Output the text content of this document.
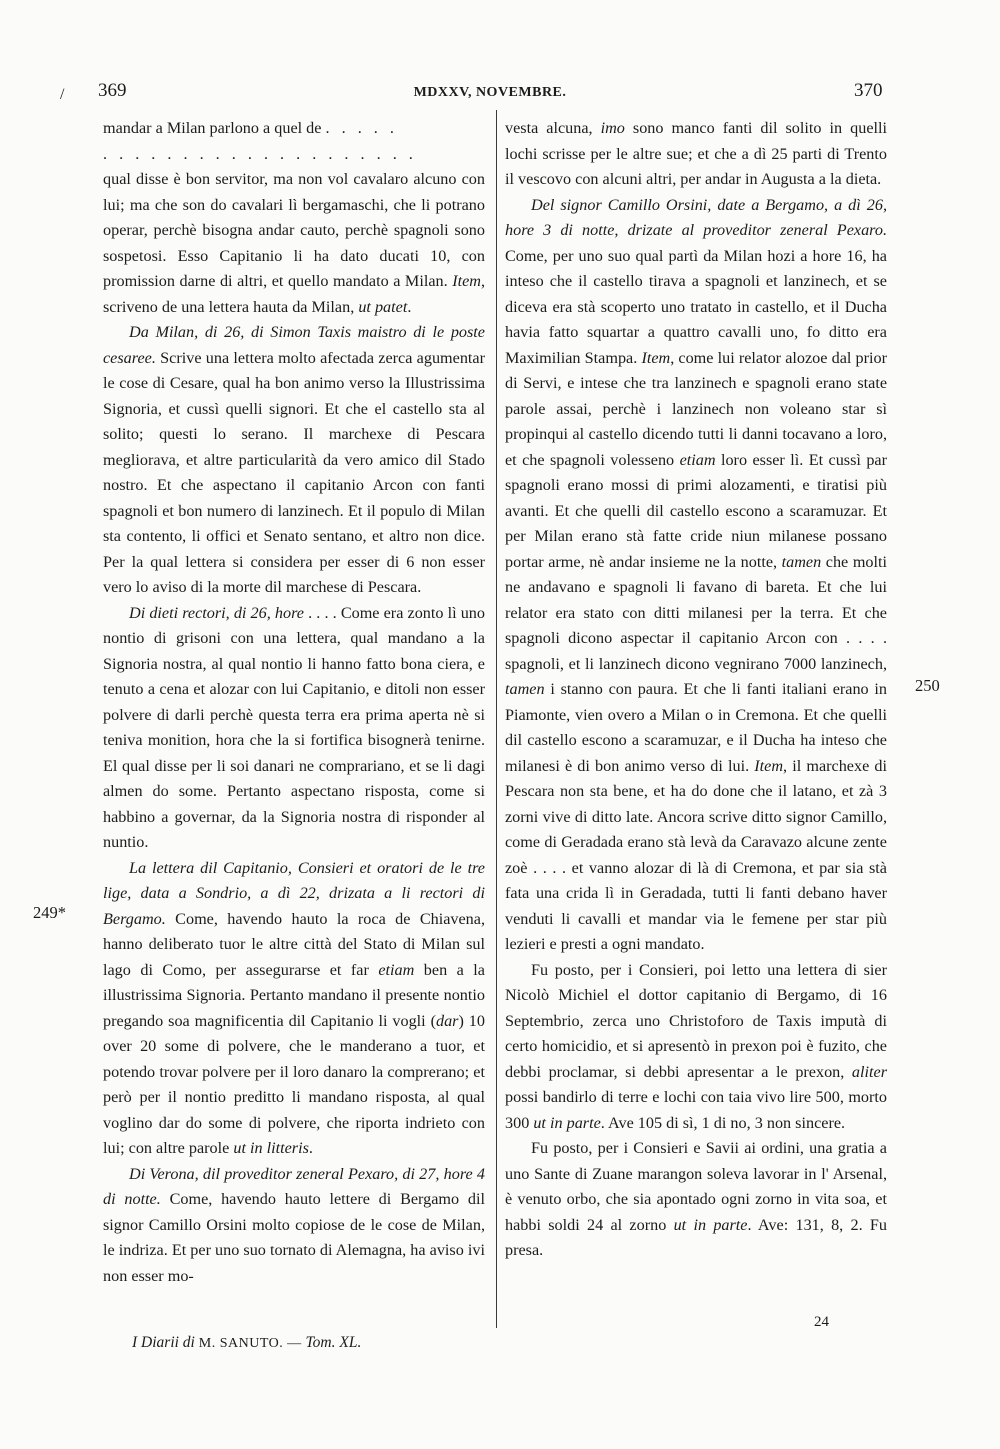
/ 369	MDXXV, NOVEMBRE.	370

mandar a Milan parlono a quel de . . . . .

. . . . . . . . . . . . . . . . . . . .

qual disse è bon servitor, ma non vol cavalaro alcuno con lui; ma che son do cavalari lì bergamaschi, che li potrano operar, perchè bisogna andar cauto, perchè spagnoli sono sospetosi. Esso Capitanio li ha dato ducati 10, con promission darne di altri, et quello mandato a Milan. Item, scriveno de una lettera hauta da Milan, ut patet.

Da Milan, di 26, di Simon Taxis maistro di le poste cesaree. Scrive una lettera molto afectada zerca agumentar le cose di Cesare, qual ha bon animo verso la Illustrissima Signoria, et cussì quelli signori. Et che el castello sta al solito; questi lo serano. Il marchexe di Pescara megliorava, et altre particularità da vero amico dil Stado nostro. Et che aspectano il capitanio Arcon con fanti spagnoli et bon numero di lanzinech. Et il populo di Milan sta contento, li offici et Senato sentano, et altro non dice. Per la qual lettera si considera per esser di 6 non esser vero lo aviso di la morte dil marchese di Pescara.

Di dieti rectori, di 26, hore . . . . Come era zonto lì uno nontio di grisoni con una lettera, qual mandano a la Signoria nostra, al qual nontio li hanno fatto bona ciera, e tenuto a cena et alozar con lui Capitanio, e ditoli non esser polvere di darli perchè questa terra era prima aperta nè si teniva monition, hora che la si fortifica bisognerà tenirne. El qual disse per li soi danari ne comprariano, et se li dagi almen do some. Pertanto aspectano risposta, come si habbino a governar, da la Signoria nostra di risponder al nuntio.

La lettera dil Capitanio, Consieri et oratori de le tre lige, data a Sondrio, a dì 22, drizata a li rectori di Bergamo. Come, havendo hauto la roca de Chiavena, hanno deliberato tuor le altre città del Stato di Milan sul lago di Como, per assegurarse et far etiam ben a la illustrissima Signoria. Pertanto mandano il presente nontio pregando soa magnificentia dil Capitanio li vogli (dar) 10 over 20 some di polvere, che le manderano a tuor, et potendo trovar polvere per il loro danaro la comprerano; et però per il nontio preditto li mandano risposta, al qual voglino dar do some di polvere, che riporta indrieto con lui; con altre parole ut in litteris.

Di Verona, dil proveditor zeneral Pexaro, di 27, hore 4 di notte. Come, havendo hauto lettere di Bergamo dil signor Camillo Orsini molto copiose de le cose de Milan, le indriza. Et per uno suo tornato di Alemagna, ha aviso ivi non esser mo-

vesta alcuna, imo sono manco fanti dil solito in quelli lochi scrisse per le altre sue; et che a dì 25 parti di Trento il vescovo con alcuni altri, per andar in Augusta a la dieta.

Del signor Camillo Orsini, date a Bergamo, a dì 26, hore 3 di notte, drizate al proveditor zeneral Pexaro. Come, per uno suo qual partì da Milan hozi a hore 16, ha inteso che il castello tirava a spagnoli et lanzinech, et se diceva era stà scoperto uno tratato in castello, et il Ducha havia fatto squartar a quattro cavalli uno, fo ditto era Maximilian Stampa. Item, come lui relator alozoe dal prior di Servi, e intese che tra lanzinech e spagnoli erano state parole assai, perchè i lanzinech non voleano star sì propinqui al castello dicendo tutti li danni tocavano a loro, et che spagnoli volesseno etiam loro esser lì. Et cussì par spagnoli erano mossi di primi alozamenti, e tiratisi più avanti. Et che quelli dil castello escono a scaramuzar. Et per Milan erano stà fatte cride niun milanese possano portar arme, nè andar insieme ne la notte, tamen che molti ne andavano e spagnoli li favano di bareta. Et che lui relator era stato con ditti milanesi per la terra. Et che spagnoli dicono aspectar il capitanio Arcon con . . . . spagnoli, et li lanzinech dicono vegnirano 7000 lanzinech, tamen i stanno con paura. Et che li fanti italiani erano in Piamonte, vien overo a Milan o in Cremona. Et che quelli dil castello escono a scaramuzar, e il Ducha ha inteso che milanesi è di bon animo verso di lui. Item, il marchexe di Pescara non sta bene, et ha do done che il latano, et zà 3 zorni vive di ditto late. Ancora scrive ditto signor Camillo, come di Geradada erano stà levà da Caravazo alcune zente zoè . . . . et vanno alozar di là di Cremona, et par sia stà fata una crida lì in Geradada, tutti li fanti debano haver venduti li cavalli et mandar via le femene per star più lezieri e presti a ogni mandato.

Fu posto, per i Consieri, poi letto una lettera di sier Nicolò Michiel el dottor capitanio di Bergamo, di 16 Septembrio, zerca uno Christoforo de Taxis imputà di certo homicidio, et si apresentò in prexon poi è fuzito, che debbi proclamar, si debbi apresentar a le prexon, aliter possi bandirlo di terre e lochi con taia vivo lire 500, morto 300 ut in parte. Ave 105 di sì, 1 di no, 3 non sincere.

Fu posto, per i Consieri e Savii ai ordini, una gratia a uno Sante di Zuane marangon soleva lavorar in l' Arsenal, è venuto orbo, che sia apontado ogni zorno in vita soa, et habbi soldi 24 al zorno ut in parte. Ave: 131, 8, 2. Fu presa.

249*
250
24
I Diarii di M. SANUTO. — Tom. XL.
